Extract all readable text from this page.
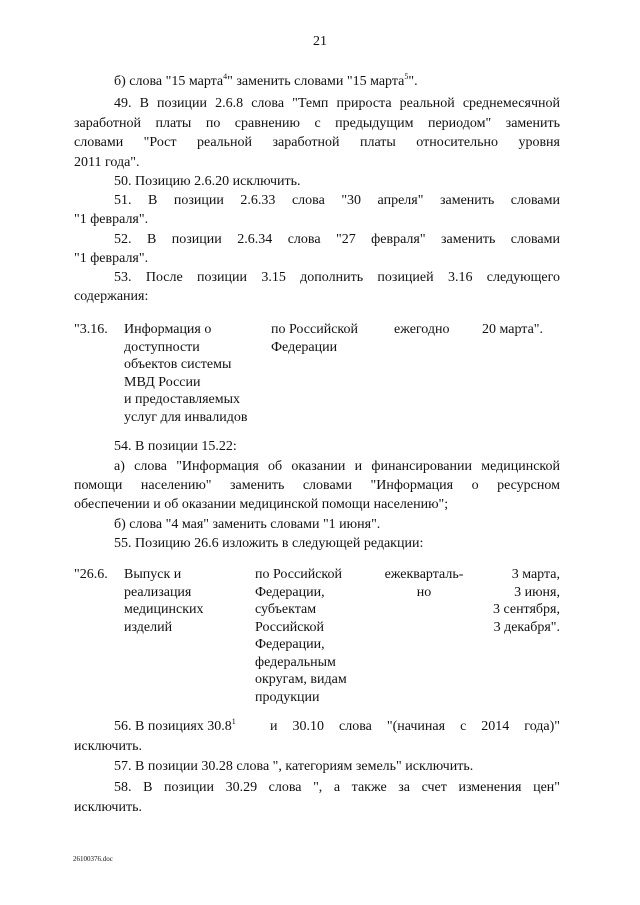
21
б) слова "15 марта$^4$" заменить словами "15 марта$^5$".
49. В позиции 2.6.8 слова "Темп прироста реальной среднемесячной
заработной платы по сравнению с предыдущим периодом" заменить
словами "Рост реальной заработной платы относительно уровня
2011 года".
50. Позицию 2.6.20 исключить.
51. В позиции 2.6.33 слова "30 апреля" заменить словами
"1 февраля".
52. В позиции 2.6.34 слова "27 февраля" заменить словами
"1 февраля".
53. После позиции 3.15 дополнить позицией 3.16 следующего
содержания:
"3.16. Информация о
доступности
объектов системы
МВД России
и предоставляемых
услуг для инвалидов
по Российской
Федерации
ежегодно 20 марта".
54. В позиции 15.22:
а) слова "Информация об оказании и финансировании медицинской
помощи населению" заменить словами "Информация о ресурсном
обеспечении и об оказании медицинской помощи населению";
б) слова "4 мая" заменить словами "1 июня".
55. Позицию 26.6 изложить в следующей редакции:
"26.6. Выпуск и
реализация
медицинских
изделий
по Российской
Федерации,
субъектам
Российской
Федерации,
федеральным
округам, видам
продукции
ежекварталь-
но
3 марта,
3 июня,
3 сентября,
3 декабря".
56. В позициях 30.8$^1$ и 30.10 слова "(начиная с 2014 года)"
исключить.
57. В позиции 30.28 слова ", категориям земель" исключить.
58. В позиции 30.29 слова ", а также за счет изменения цен"
исключить.
26100376.doc
